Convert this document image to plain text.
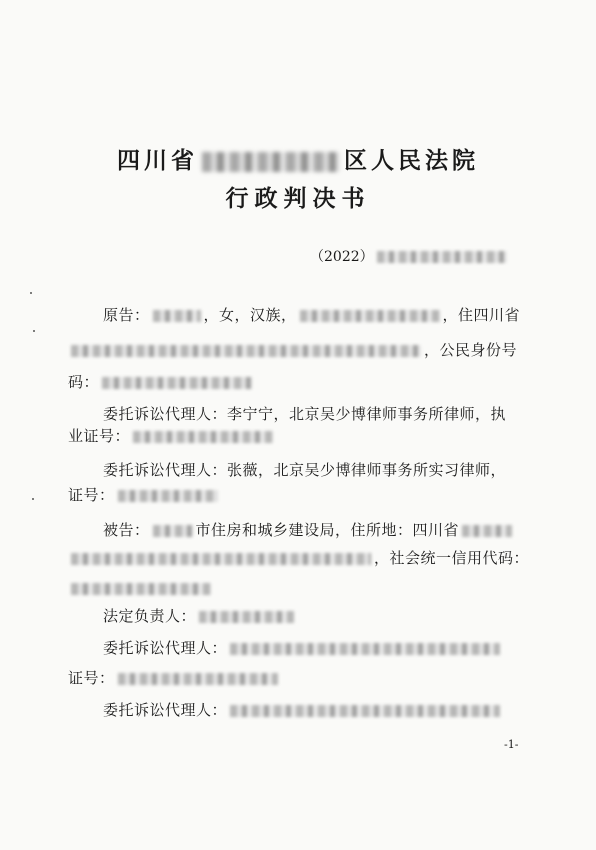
四川省	区人民法院
行政判决书
（2022）
原告：	，女，汉族，	，住四川省
，公民身份号
码：
委托诉讼代理人：李宁宁，北京吴少博律师事务所律师，执
业证号：
委托诉讼代理人：张薇，北京吴少博律师事务所实习律师，
证号：
被告：	市住房和城乡建设局，住所地：四川省
，社会统一信用代码：
法定负责人：
委托诉讼代理人：
证号：
委托诉讼代理人：
-1-
